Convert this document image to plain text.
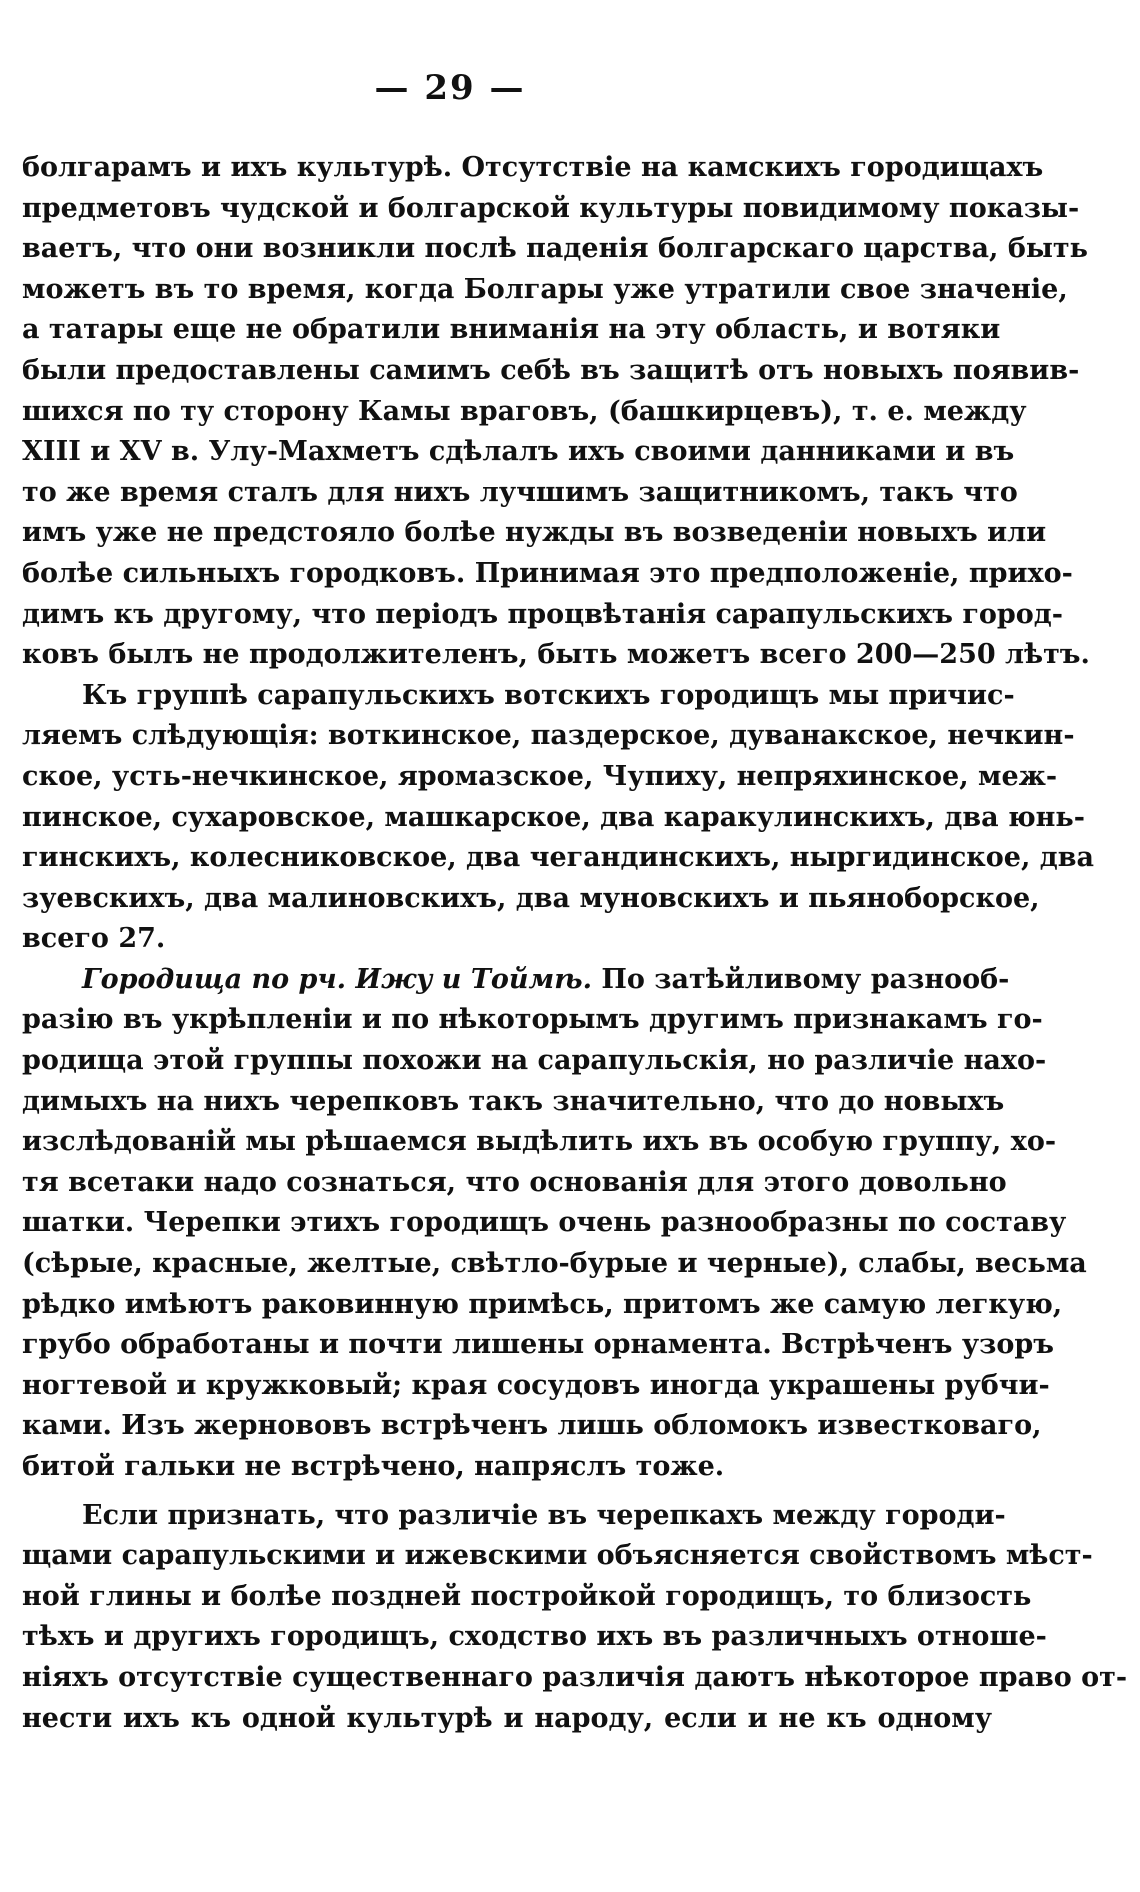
— 29 —
болгарамъ и ихъ культурѣ. Отсутствіе на камскихъ городищахъ
предметовъ чудской и болгарской культуры повидимому показы-
ваетъ, что они возникли послѣ паденія болгарскаго царства, быть
можетъ въ то время, когда Болгары уже утратили свое значеніе,
а татары еще не обратили вниманія на эту область, и вотяки
были предоставлены самимъ себѣ въ защитѣ отъ новыхъ появив-
шихся по ту сторону Камы враговъ, (башкирцевъ), т. е. между
XIII и XV в. Улу-Махметъ сдѣлалъ ихъ своими данниками и въ
то же время сталъ для нихъ лучшимъ защитникомъ, такъ что
имъ уже не предстояло болѣе нужды въ возведеніи новыхъ или
болѣе сильныхъ городковъ. Принимая это предположеніе, прихо-
димъ къ другому, что періодъ процвѣтанія сарапульскихъ город-
ковъ былъ не продолжителенъ, быть можетъ всего 200—250 лѣтъ.
Къ группѣ сарапульскихъ вотскихъ городищъ мы причис-
ляемъ слѣдующія: воткинское, паздерское, дуванакское, нечкин-
ское, усть-нечкинское, яромазское, Чупиху, непряхинское, меж-
пинское, сухаровское, машкарское, два каракулинскихъ, два юнь-
гинскихъ, колесниковское, два чегандинскихъ, ныргидинское, два
зуевскихъ, два малиновскихъ, два муновскихъ и пьяноборское,
всего 27.
Городища по рч. Ижу и Тоймѣ. По затѣйливому разнооб-
разію въ укрѣпленіи и по нѣкоторымъ другимъ признакамъ го-
родища этой группы похожи на сарапульскія, но различіе нахо-
димыхъ на нихъ черепковъ такъ значительно, что до новыхъ
изслѣдованій мы рѣшаемся выдѣлить ихъ въ особую группу, хо-
тя всетаки надо сознаться, что основанія для этого довольно
шатки. Черепки этихъ городищъ очень разнообразны по составу
(сѣрые, красные, желтые, свѣтло-бурые и черные), слабы, весьма
рѣдко имѣютъ раковинную примѣсь, притомъ же самую легкую,
грубо обработаны и почти лишены орнамента. Встрѣченъ узоръ
ногтевой и кружковый; края сосудовъ иногда украшены рубчи-
ками. Изъ жернововъ встрѣченъ лишь обломокъ известковаго,
битой гальки не встрѣчено, напряслъ тоже.
Если признать, что различіе въ черепкахъ между городи-
щами сарапульскими и ижевскими объясняется свойствомъ мѣст-
ной глины и болѣе поздней постройкой городищъ, то близость
тѣхъ и другихъ городищъ, сходство ихъ въ различныхъ отноше-
ніяхъ отсутствіе существеннаго различія даютъ нѣкоторое право от-
нести ихъ къ одной культурѣ и народу, если и не къ одному
